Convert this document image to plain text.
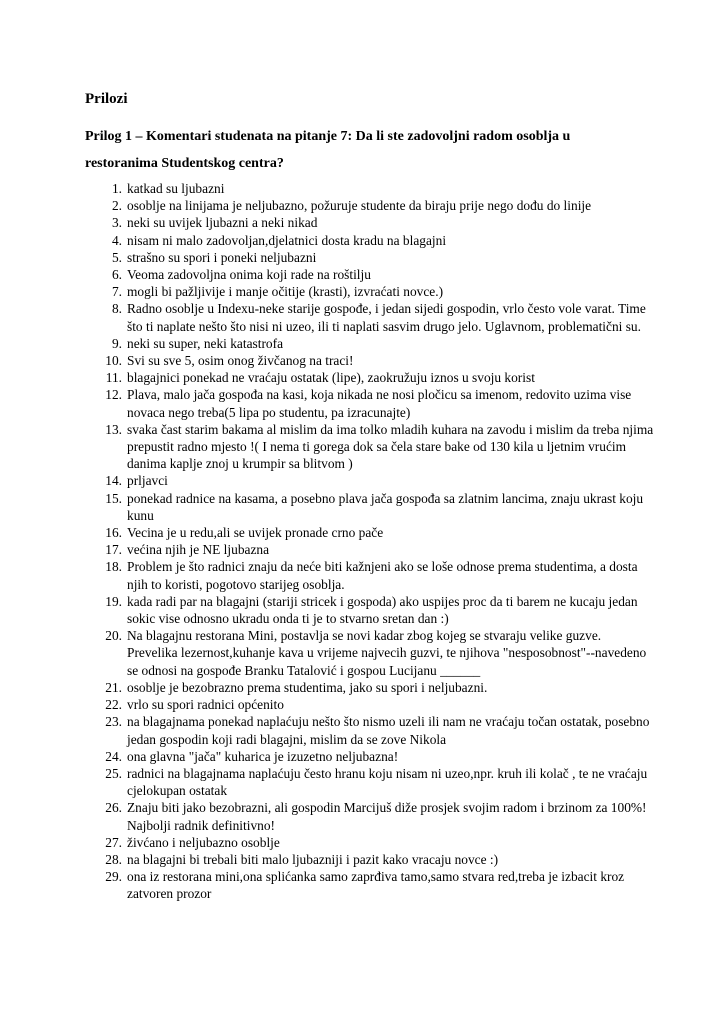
Prilozi
Prilog 1 – Komentari studenata na pitanje 7: Da li ste zadovoljni radom osoblja u restoranima Studentskog centra?
1. katkad su ljubazni
2. osoblje na linijama je neljubazno, požuruje studente da biraju prije nego dođu do linije
3. neki su uvijek ljubazni a neki nikad
4. nisam ni malo zadovoljan,djelatnici dosta kradu na blagajni
5. strašno su spori i poneki neljubazni
6. Veoma zadovoljna onima koji rade na roštilju
7. mogli bi pažljivije i manje očitije (krasti), izvraćati novce.)
8. Radno osoblje u Indexu-neke starije gospođe, i jedan sijedi gospodin, vrlo često vole varat. Time što ti naplate nešto što nisi ni uzeo, ili ti naplati sasvim drugo jelo. Uglavnom, problematični su.
9. neki su super, neki katastrofa
10. Svi su sve 5, osim onog živčanog na traci!
11. blagajnici ponekad ne vraćaju ostatak (lipe), zaokružuju iznos u svoju korist
12. Plava, malo jača gospođa na kasi, koja nikada ne nosi pločicu sa imenom, redovito uzima vise novaca nego treba(5 lipa po studentu, pa izracunajte)
13. svaka čast starim bakama al mislim da ima tolko mladih kuhara na zavodu i mislim da treba njima prepustit radno mjesto !( I nema ti gorega dok sa čela stare bake od 130 kila u ljetnim vrućim danima kaplje znoj u krumpir sa blitvom )
14. prljavci
15. ponekad radnice na kasama, a posebno plava jača gospođa sa zlatnim lancima, znaju ukrast koju kunu
16. Vecina je u redu,ali se uvijek pronade crno pače
17. većina njih je NE ljubazna
18. Problem je što radnici znaju da neće biti kažnjeni ako se loše odnose prema studentima, a dosta njih to koristi, pogotovo starijeg osoblja.
19. kada radi par na blagajni (stariji stricek i gospoda) ako uspijes proc da ti barem ne kucaju jedan sokic vise odnosno ukradu onda ti je to stvarno sretan dan :)
20. Na blagajnu restorana Mini, postavlja se novi kadar zbog kojeg se stvaraju velike guzve. Prevelika lezernost,kuhanje kava u vrijeme najvecih guzvi, te njihova "nesposobnost"--navedeno se odnosi na gospođe Branku Tatalović i gospou Lucijanu ______
21. osoblje je bezobrazno prema studentima, jako su spori i neljubazni.
22. vrlo su spori radnici općenito
23. na blagajnama ponekad naplaćuju nešto što nismo uzeli ili nam ne vraćaju točan ostatak, posebno jedan gospodin koji radi blagajni, mislim da se zove Nikola
24. ona glavna "jača" kuharica je izuzetno neljubazna!
25. radnici na blagajnama naplaćuju često hranu koju nisam ni uzeo,npr. kruh ili kolač , te ne vraćaju cjelokupan ostatak
26. Znaju biti jako bezobrazni, ali gospodin Marcijuš diže prosjek svojim radom i brzinom za 100%! Najbolji radnik definitivno!
27. živćano i neljubazno osoblje
28. na blagajni bi trebali biti malo ljubazniji i pazit kako vracaju novce :)
29. ona iz restorana mini,ona splićanka samo zaprđiva tamo,samo stvara red,treba je izbacit kroz zatvoren prozor
